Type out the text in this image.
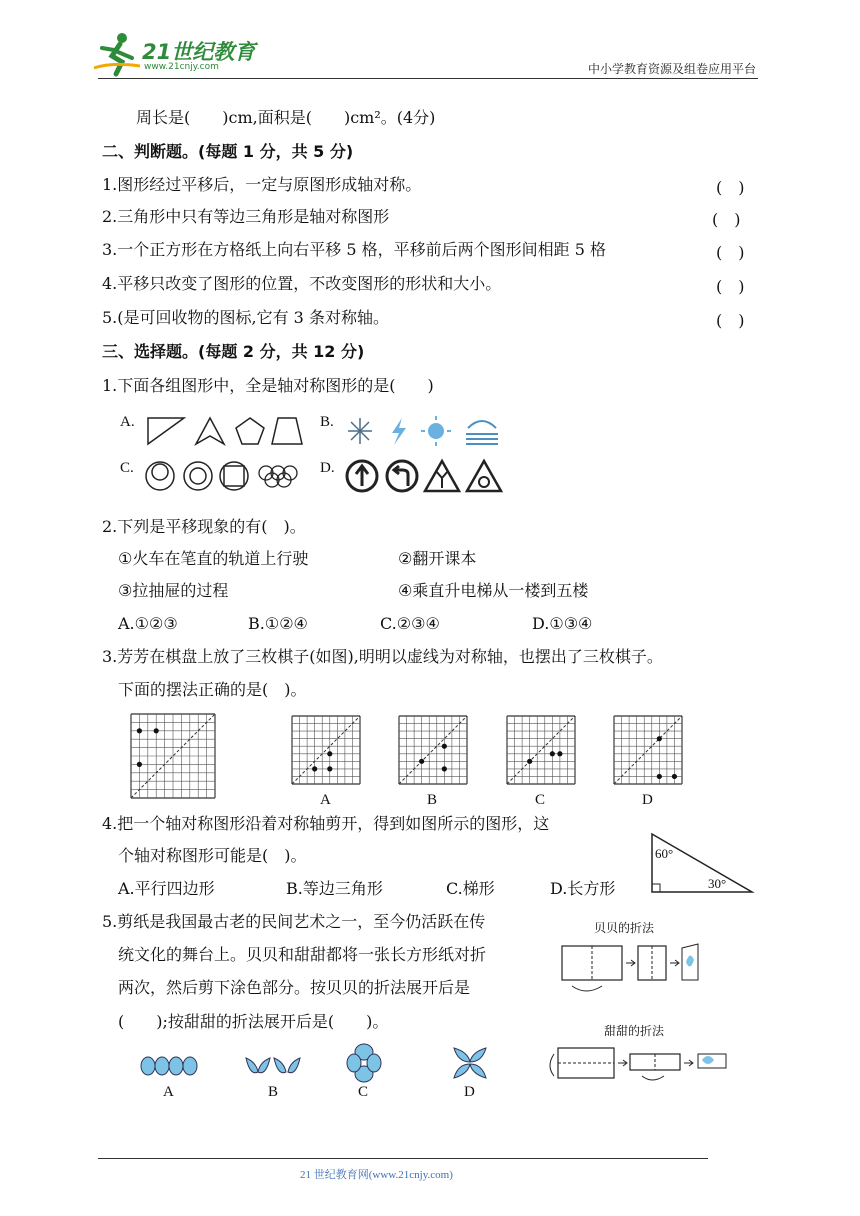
21世纪教育
www.21cnjy.com	中小学教育资源及组卷应用平台
周长是(　　)cm,面积是(　　)cm²。(4分)
二、判断题。(每题 1 分，共 5 分)
1.图形经过平移后，一定与原图形成轴对称。	(　)
2.三角形中只有等边三角形是轴对称图形	(　)
3.一个正方形在方格纸上向右平移 5 格，平移前后两个图形间相距 5 格	(　)
4.平移只改变了图形的位置，不改变图形的形状和大小。	(　)
5.(是可回收物的图标,它有 3 条对称轴。	(　)
三、选择题。(每题 2 分，共 12 分)
1.下面各组图形中，全是轴对称图形的是(　　)
A.	B.
C.	D.
2.下列是平移现象的有(　)。
①火车在笔直的轨道上行驶	②翻开课本
③拉抽屉的过程	④乘直升电梯从一楼到五楼
A.①②③	B.①②④	C.②③④	D.①③④
3.芳芳在棋盘上放了三枚棋子(如图),明明以虚线为对称轴，也摆出了三枚棋子。
下面的摆法正确的是(　)。
A	B	C	D
4.把一个轴对称图形沿着对称轴剪开，得到如图所示的图形，这
个轴对称图形可能是(　)。
A.平行四边形	B.等边三角形	C.梯形	D.长方形
60°
30°
5.剪纸是我国最古老的民间艺术之一，至今仍活跃在传
统文化的舞台上。贝贝和甜甜都将一张长方形纸对折
两次，然后剪下涂色部分。按贝贝的折法展开后是
(　　);按甜甜的折法展开后是(　　)。
贝贝的折法
甜甜的折法
A	B	C	D
21 世纪教育网(www.21cnjy.com)
